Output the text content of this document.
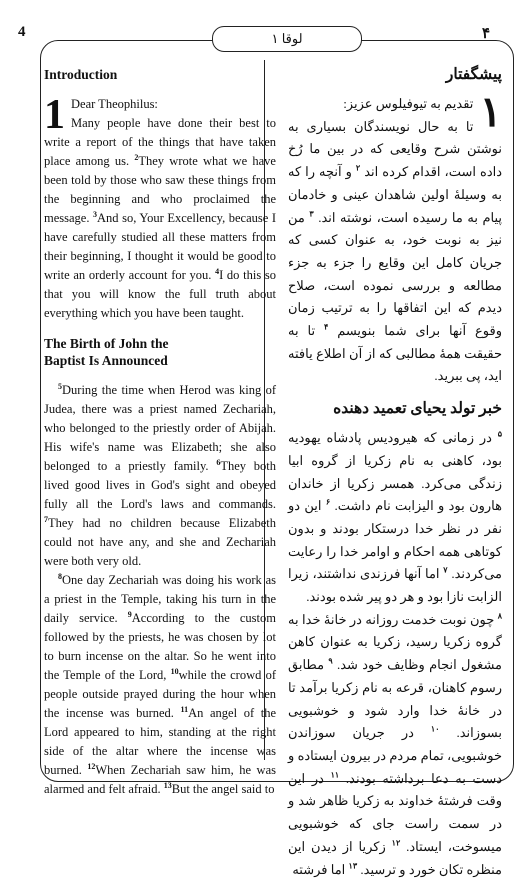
۴
4	لوقا ۱
Introduction

1 Dear Theophilus:
Many people have done their best to write a report of the things that have taken place among us. $^2$They wrote what we have been told by those who saw these things from the beginning and who proclaimed the message. $^3$And so, Your Excellency, because I have carefully studied all these matters from their beginning, I thought it would be good to write an orderly account for you. $^4$I do this so that you will know the full truth about everything which you have been taught.

The Birth of John the
Baptist Is Announced

$^5$During the time when Herod was king of Judea, there was a priest named Zechariah, who belonged to the priestly order of Abijah. His wife's name was Elizabeth; she also belonged to a priestly family. $^6$They both lived good lives in God's sight and obeyed fully all the Lord's laws and commands. $^7$They had no children because Elizabeth could not have any, and she and Zechariah were both very old.

$^8$One day Zechariah was doing his work as a priest in the Temple, taking his turn in the daily service. $^9$According to the custom followed by the priests, he was chosen by lot to burn incense on the altar. So he went into the Temple of the Lord, $^{10}$while the crowd of people outside prayed during the hour when the incense was burned. $^{11}$An angel of the Lord appeared to him, standing at the right side of the altar where the incense was burned. $^{12}$When Zechariah saw him, he was alarmed and felt afraid. $^{13}$But the angel said to

پیشگفتار

۱
تقدیم به تیوفیلوس عزیز:
تا به حال نویسندگان بسیاری به نوشتن شرح وقایعی که در بین ما رُخ داده است، اقدام کرده اند $^۲$ و آنچه را که به وسیلهٔ اولین شاهدان عینی و خادمان پیام به ما رسیده است، نوشته اند. $^۳$ من نیز به نوبت خود، به عنوان کسی که جریان کامل این وقایع را جزء به جزء مطالعه و بررسی نموده است، صلاح دیدم که این اتفاقها را به ترتیب زمان وقوع آنها برای شما بنویسم $^۴$ تا به حقیقت همهٔ مطالبی که از آن اطلاع یافته اید، پی ببرید.

خبر تولد یحیای تعمید دهنده

$^۵$ در زمانی که هیرودیس پادشاه یهودیه بود، کاهنی به نام زکریا از گروه ابیا زندگی می‌کرد. همسر زکریا از خاندان هارون بود و الیزابت نام داشت. $^۶$ این دو نفر در نظر خدا درستکار بودند و بدون کوتاهی همه احکام و اوامر خدا را رعایت می‌کردند. $^۷$ اما آنها فرزندی نداشتند، زیرا الزابت نازا بود و هر دو پیر شده بودند.

$^۸$ چون نوبت خدمت روزانه در خانهٔ خدا به گروه زکریا رسید، زکریا به عنوان کاهن مشغول انجام وظایف خود شد. $^۹$ مطابق رسوم کاهنان، قرعه به نام زکریا برآمد تا در خانهٔ خدا وارد شود و خوشبویی بسوزاند. $^{۱۰}$ در جریان سوزاندن خوشبویی، تمام مردم در بیرون ایستاده و دست به دعا برداشته بودند. $^{۱۱}$ در این وقت فرشتهٔ خداوند به زکریا ظاهر شد و در سمت راست جای که خوشبویی میسوخت، ایستاد. $^{۱۲}$ زکریا از دیدن این منظره تکان خورد و ترسید. $^{۱۳}$ اما فرشته
